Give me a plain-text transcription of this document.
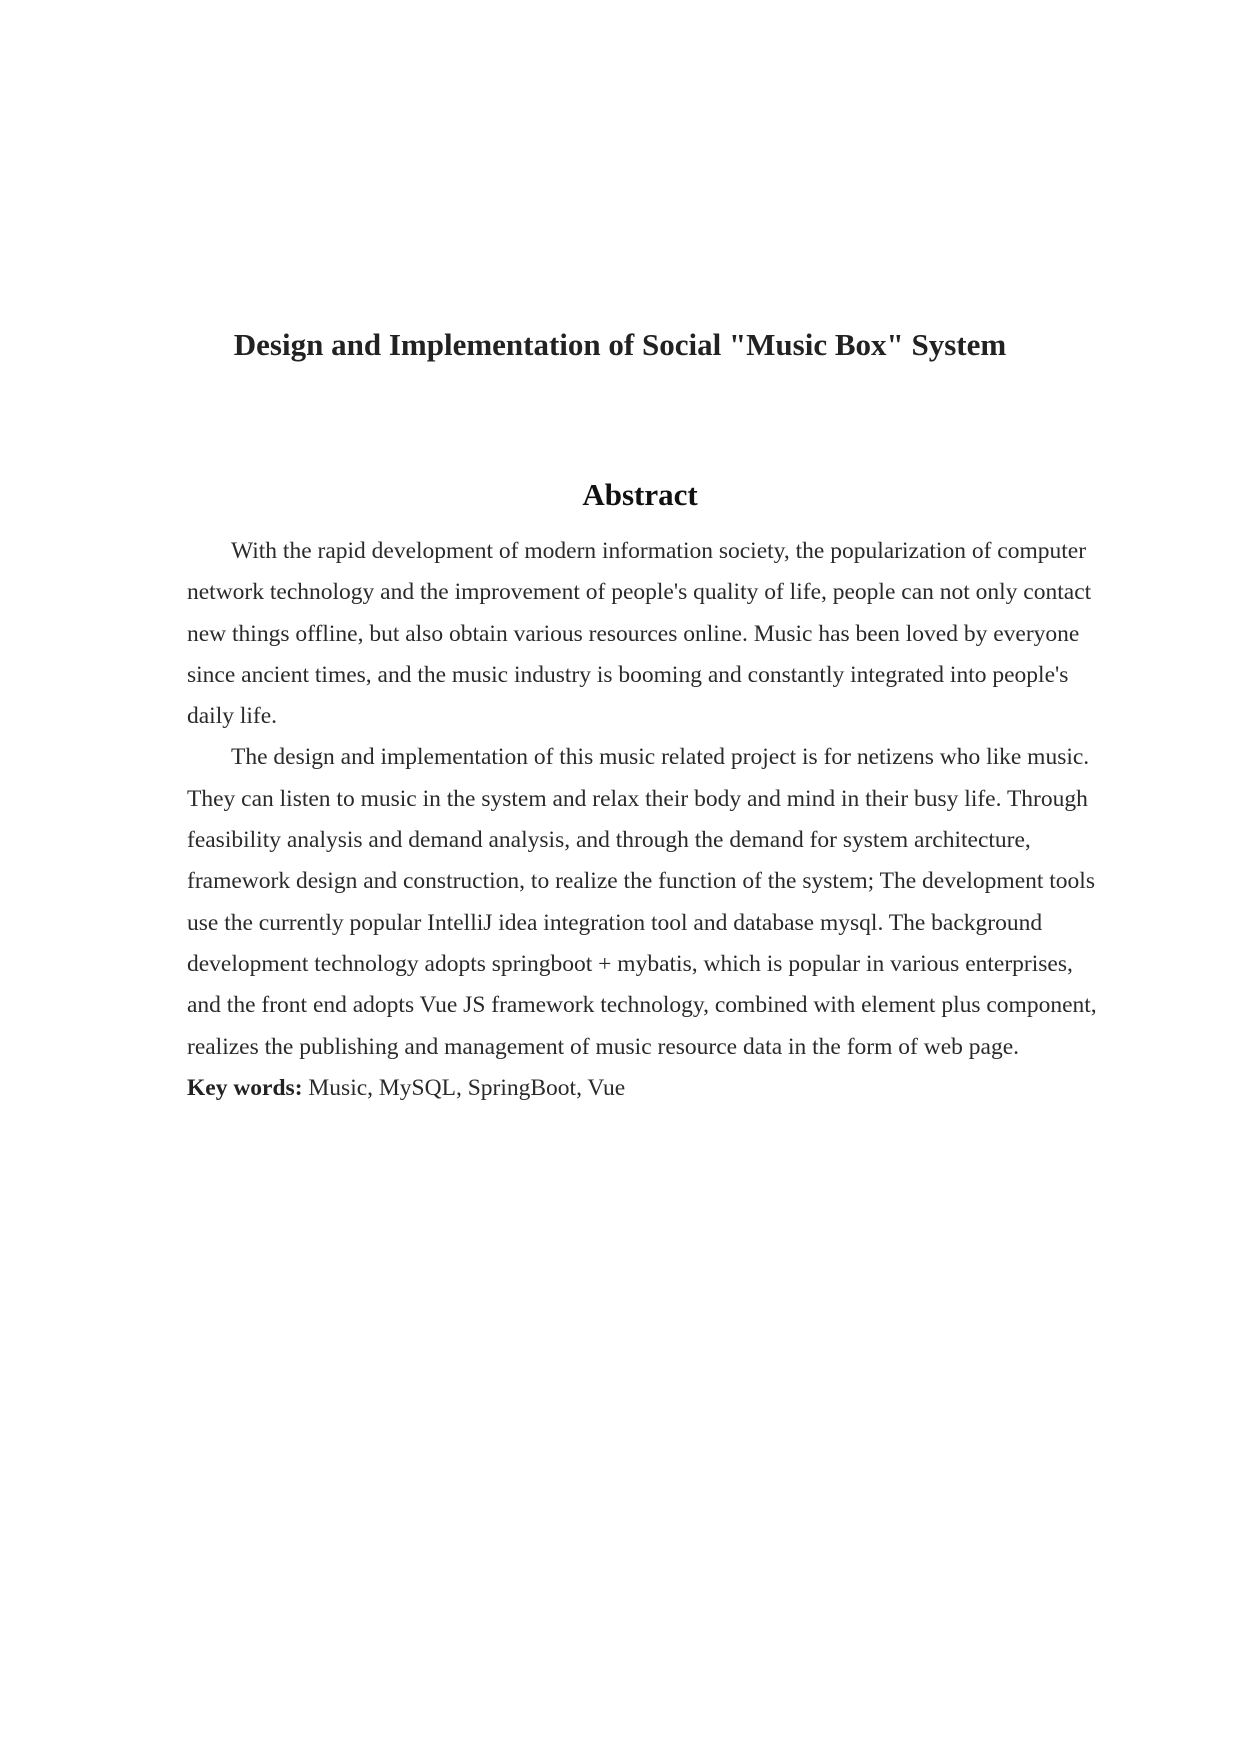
Design and Implementation of Social "Music Box" System
Abstract

With the rapid development of modern information society, the popularization of computer network technology and the improvement of people's quality of life, people can not only contact new things offline, but also obtain various resources online. Music has been loved by everyone since ancient times, and the music industry is booming and constantly integrated into people's daily life.

The design and implementation of this music related project is for netizens who like music. They can listen to music in the system and relax their body and mind in their busy life. Through feasibility analysis and demand analysis, and through the demand for system architecture, framework design and construction, to realize the function of the system; The development tools use the currently popular IntelliJ idea integration tool and database mysql. The background development technology adopts springboot + mybatis, which is popular in various enterprises, and the front end adopts Vue JS framework technology, combined with element plus component, realizes the publishing and management of music resource data in the form of web page.

Key words: Music, MySQL, SpringBoot, Vue
